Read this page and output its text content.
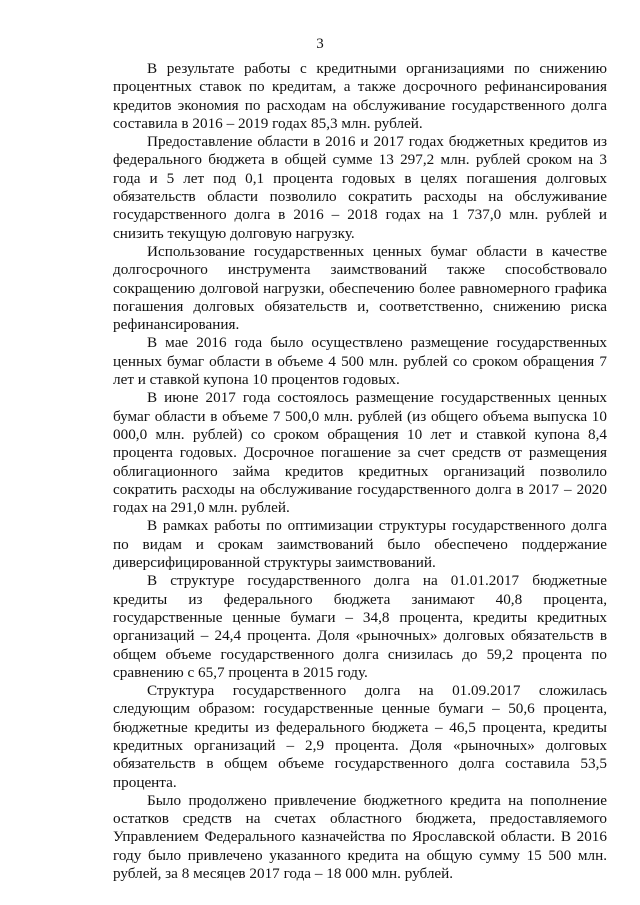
3

В результате работы с кредитными организациями по снижению процентных ставок по кредитам, а также досрочного рефинансирования кредитов экономия по расходам на обслуживание государственного долга составила в 2016 – 2019 годах 85,3 млн. рублей.

Предоставление области в 2016 и 2017 годах бюджетных кредитов из федерального бюджета в общей сумме 13 297,2 млн. рублей сроком на 3 года и 5 лет под 0,1 процента годовых в целях погашения долговых обязательств области позволило сократить расходы на обслуживание государственного долга в 2016 – 2018 годах на 1 737,0 млн. рублей и снизить текущую долговую нагрузку.

Использование государственных ценных бумаг области в качестве долгосрочного инструмента заимствований также способствовало сокращению долговой нагрузки, обеспечению более равномерного графика погашения долговых обязательств и, соответственно, снижению риска рефинансирования.

В мае 2016 года было осуществлено размещение государственных ценных бумаг области в объеме 4 500 млн. рублей со сроком обращения 7 лет и ставкой купона 10 процентов годовых.

В июне 2017 года состоялось размещение государственных ценных бумаг области в объеме 7 500,0 млн. рублей (из общего объема выпуска 10 000,0 млн. рублей) со сроком обращения 10 лет и ставкой купона 8,4 процента годовых. Досрочное погашение за счет средств от размещения облигационного займа кредитов кредитных организаций позволило сократить расходы на обслуживание государственного долга в 2017 – 2020 годах на 291,0 млн. рублей.

В рамках работы по оптимизации структуры государственного долга по видам и срокам заимствований было обеспечено поддержание диверсифицированной структуры заимствований.

В структуре государственного долга на 01.01.2017 бюджетные кредиты из федерального бюджета занимают 40,8 процента, государственные ценные бумаги – 34,8 процента, кредиты кредитных организаций – 24,4 процента. Доля «рыночных» долговых обязательств в общем объеме государственного долга снизилась до 59,2 процента по сравнению с 65,7 процента в 2015 году.

Структура государственного долга на 01.09.2017 сложилась следующим образом: государственные ценные бумаги – 50,6 процента, бюджетные кредиты из федерального бюджета – 46,5 процента, кредиты кредитных организаций – 2,9 процента. Доля «рыночных» долговых обязательств в общем объеме государственного долга составила 53,5 процента.

Было продолжено привлечение бюджетного кредита на пополнение остатков средств на счетах областного бюджета, предоставляемого Управлением Федерального казначейства по Ярославской области. В 2016 году было привлечено указанного кредита на общую сумму 15 500 млн. рублей, за 8 месяцев 2017 года – 18 000 млн. рублей.
